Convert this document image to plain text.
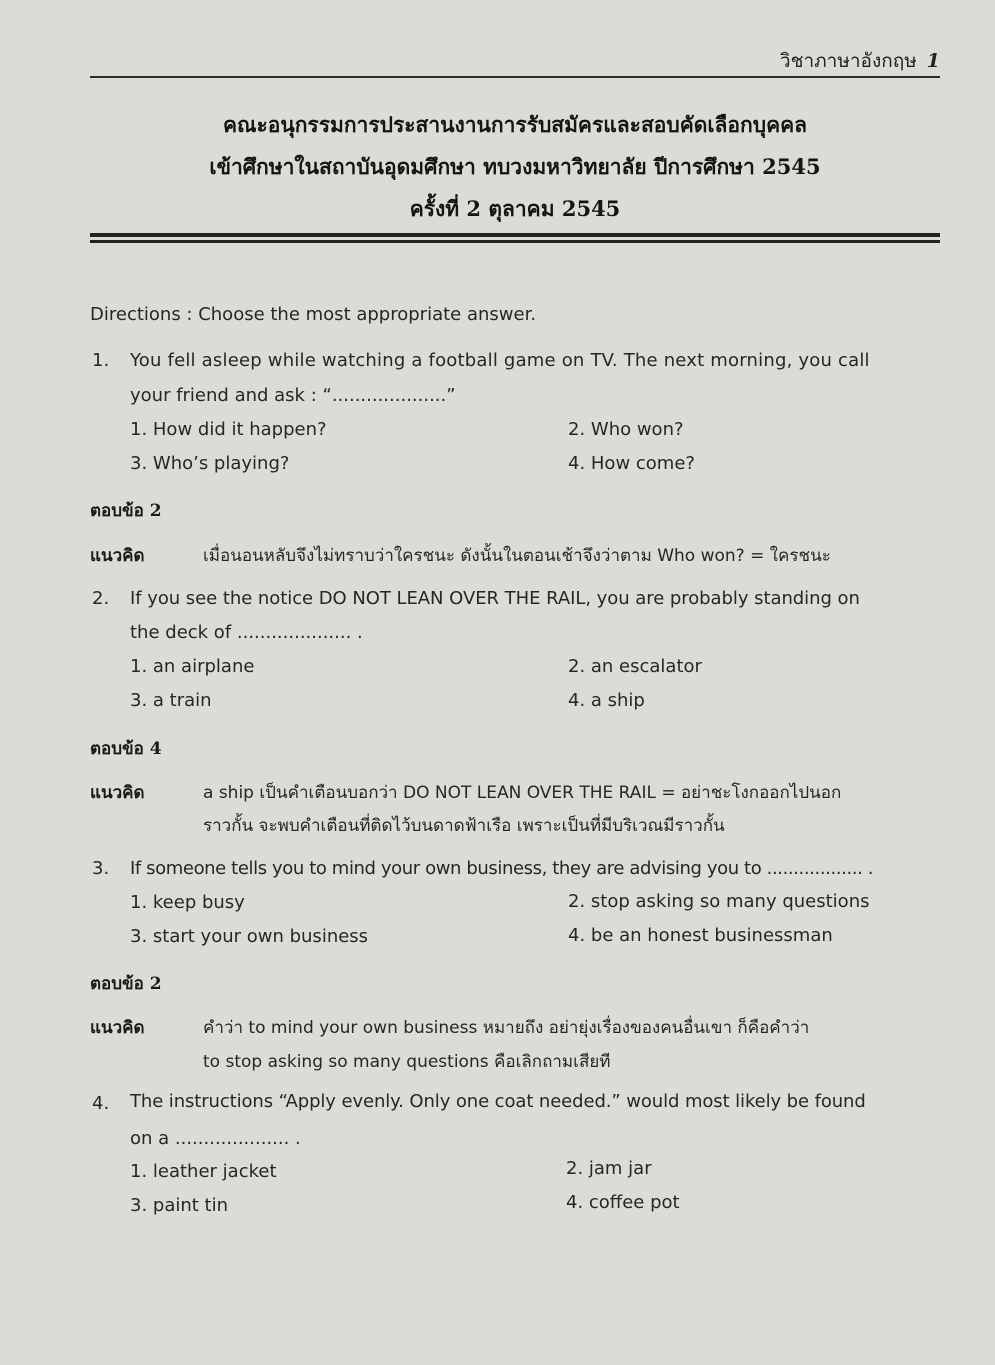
วิชาภาษาอังกฤษ 1
คณะอนุกรรมการประสานงานการรับสมัครและสอบคัดเลือกบุคคล
เข้าศึกษาในสถาบันอุดมศึกษา ทบวงมหาวิทยาลัย ปีการศึกษา 2545
ครั้งที่ 2 ตุลาคม 2545
Directions : Choose the most appropriate answer.
1. You fell asleep while watching a football game on TV. The next morning, you call
your friend and ask : “....................”
1. How did it happen?	2. Who won?
3. Who’s playing?	4. How come?
ตอบข้อ 2
แนวคิด	เมื่อนอนหลับจึงไม่ทราบว่าใครชนะ ดังนั้นในตอนเช้าจึงว่าตาม Who won? = ใครชนะ
2. If you see the notice DO NOT LEAN OVER THE RAIL, you are probably standing on
the deck of .................... .
1. an airplane	2. an escalator
3. a train	4. a ship
ตอบข้อ 4
แนวคิด	a ship เป็นคำเตือนบอกว่า DO NOT LEAN OVER THE RAIL = อย่าชะโงกออกไปนอก
ราวกั้น จะพบคำเตือนที่ติดไว้บนดาดฟ้าเรือ เพราะเป็นที่มีบริเวณมีราวกั้น
3. If someone tells you to mind your own business, they are advising you to .................. .
1. keep busy	2. stop asking so many questions
3. start your own business	4. be an honest businessman
ตอบข้อ 2
แนวคิด	คำว่า to mind your own business หมายถึง อย่ายุ่งเรื่องของคนอื่นเขา ก็คือคำว่า
to stop asking so many questions คือเลิกถามเสียที
4. The instructions “Apply evenly. Only one coat needed.” would most likely be found
on a .................... .
1. leather jacket	2. jam jar
3. paint tin	4. coffee pot
